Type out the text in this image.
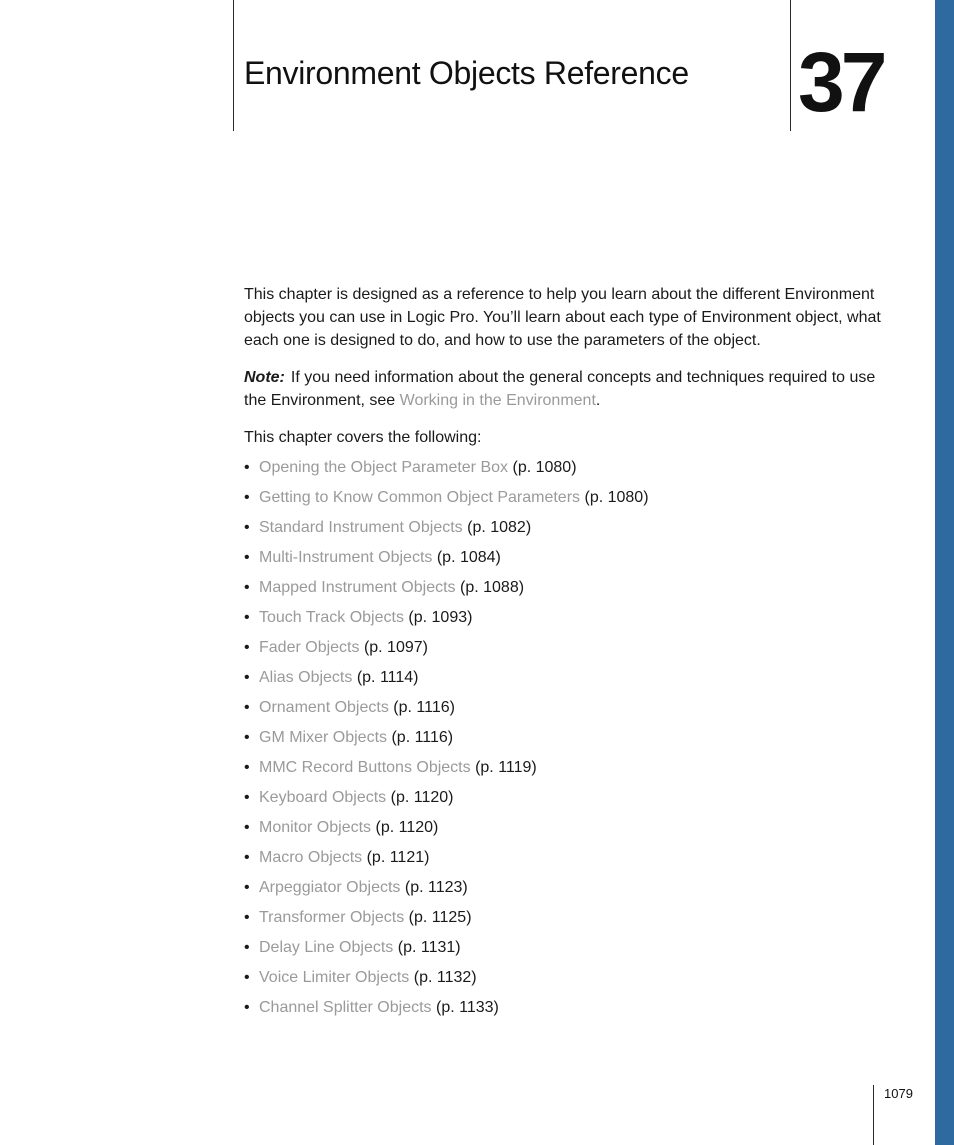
Environment Objects Reference 37

This chapter is designed as a reference to help you learn about the different Environment objects you can use in Logic Pro. You’ll learn about each type of Environment object, what each one is designed to do, and how to use the parameters of the object.

Note: If you need information about the general concepts and techniques required to use the Environment, see Working in the Environment.

This chapter covers the following:

• Opening the Object Parameter Box (p. 1080)
• Getting to Know Common Object Parameters (p. 1080)
• Standard Instrument Objects (p. 1082)
• Multi-Instrument Objects (p. 1084)
• Mapped Instrument Objects (p. 1088)
• Touch Track Objects (p. 1093)
• Fader Objects (p. 1097)
• Alias Objects (p. 1114)
• Ornament Objects (p. 1116)
• GM Mixer Objects (p. 1116)
• MMC Record Buttons Objects (p. 1119)
• Keyboard Objects (p. 1120)
• Monitor Objects (p. 1120)
• Macro Objects (p. 1121)
• Arpeggiator Objects (p. 1123)
• Transformer Objects (p. 1125)
• Delay Line Objects (p. 1131)
• Voice Limiter Objects (p. 1132)
• Channel Splitter Objects (p. 1133)
1079
